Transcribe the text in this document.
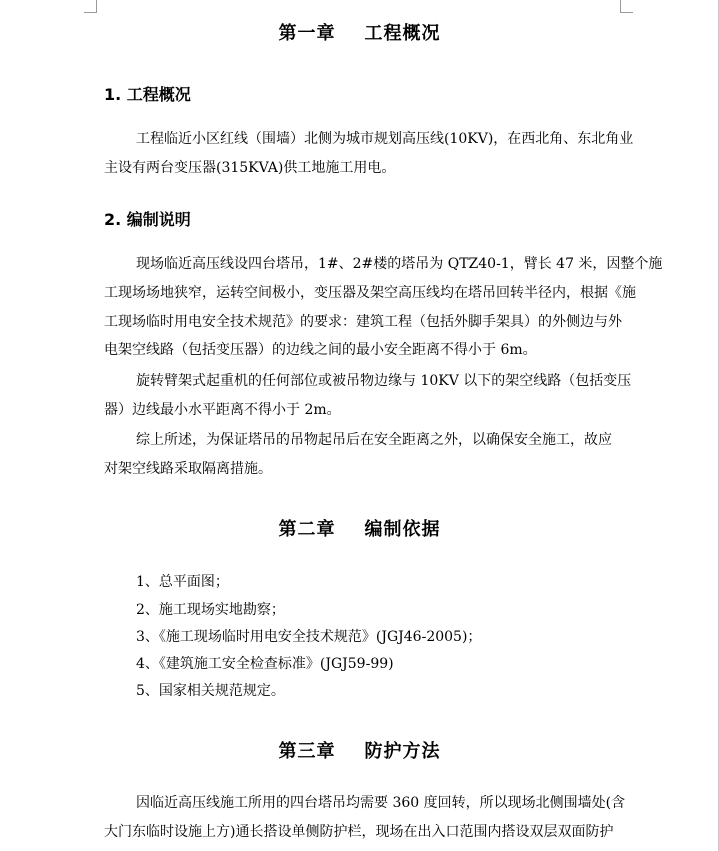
第一章    工程概况
1. 工程概况
工程临近小区红线（围墙）北侧为城市规划高压线(10KV)，在西北角、东北角业
主设有两台变压器(315KVA)供工地施工用电。
2. 编制说明
现场临近高压线设四台塔吊，1#、2#楼的塔吊为 QTZ40-1，臂长 47 米，因整个施
工现场场地狭窄，运转空间极小，变压器及架空高压线均在塔吊回转半径内，根据《施
工现场临时用电安全技术规范》的要求：建筑工程（包括外脚手架具）的外侧边与外
电架空线路（包括变压器）的边线之间的最小安全距离不得小于 6m。
旋转臂架式起重机的任何部位或被吊物边缘与 10KV 以下的架空线路（包括变压
器）边线最小水平距离不得小于 2m。
综上所述，为保证塔吊的吊物起吊后在安全距离之外，以确保安全施工，故应
对架空线路采取隔离措施。
第二章    编制依据
1、总平面图；
2、施工现场实地勘察；
3、《施工现场临时用电安全技术规范》(JGJ46-2005)；
4、《建筑施工安全检查标准》(JGJ59-99)
5、国家相关规范规定。
第三章    防护方法
因临近高压线施工所用的四台塔吊均需要 360 度回转，所以现场北侧围墙处(含
大门东临时设施上方)通长搭设单侧防护栏，现场在出入口范围内搭设双层双面防护
